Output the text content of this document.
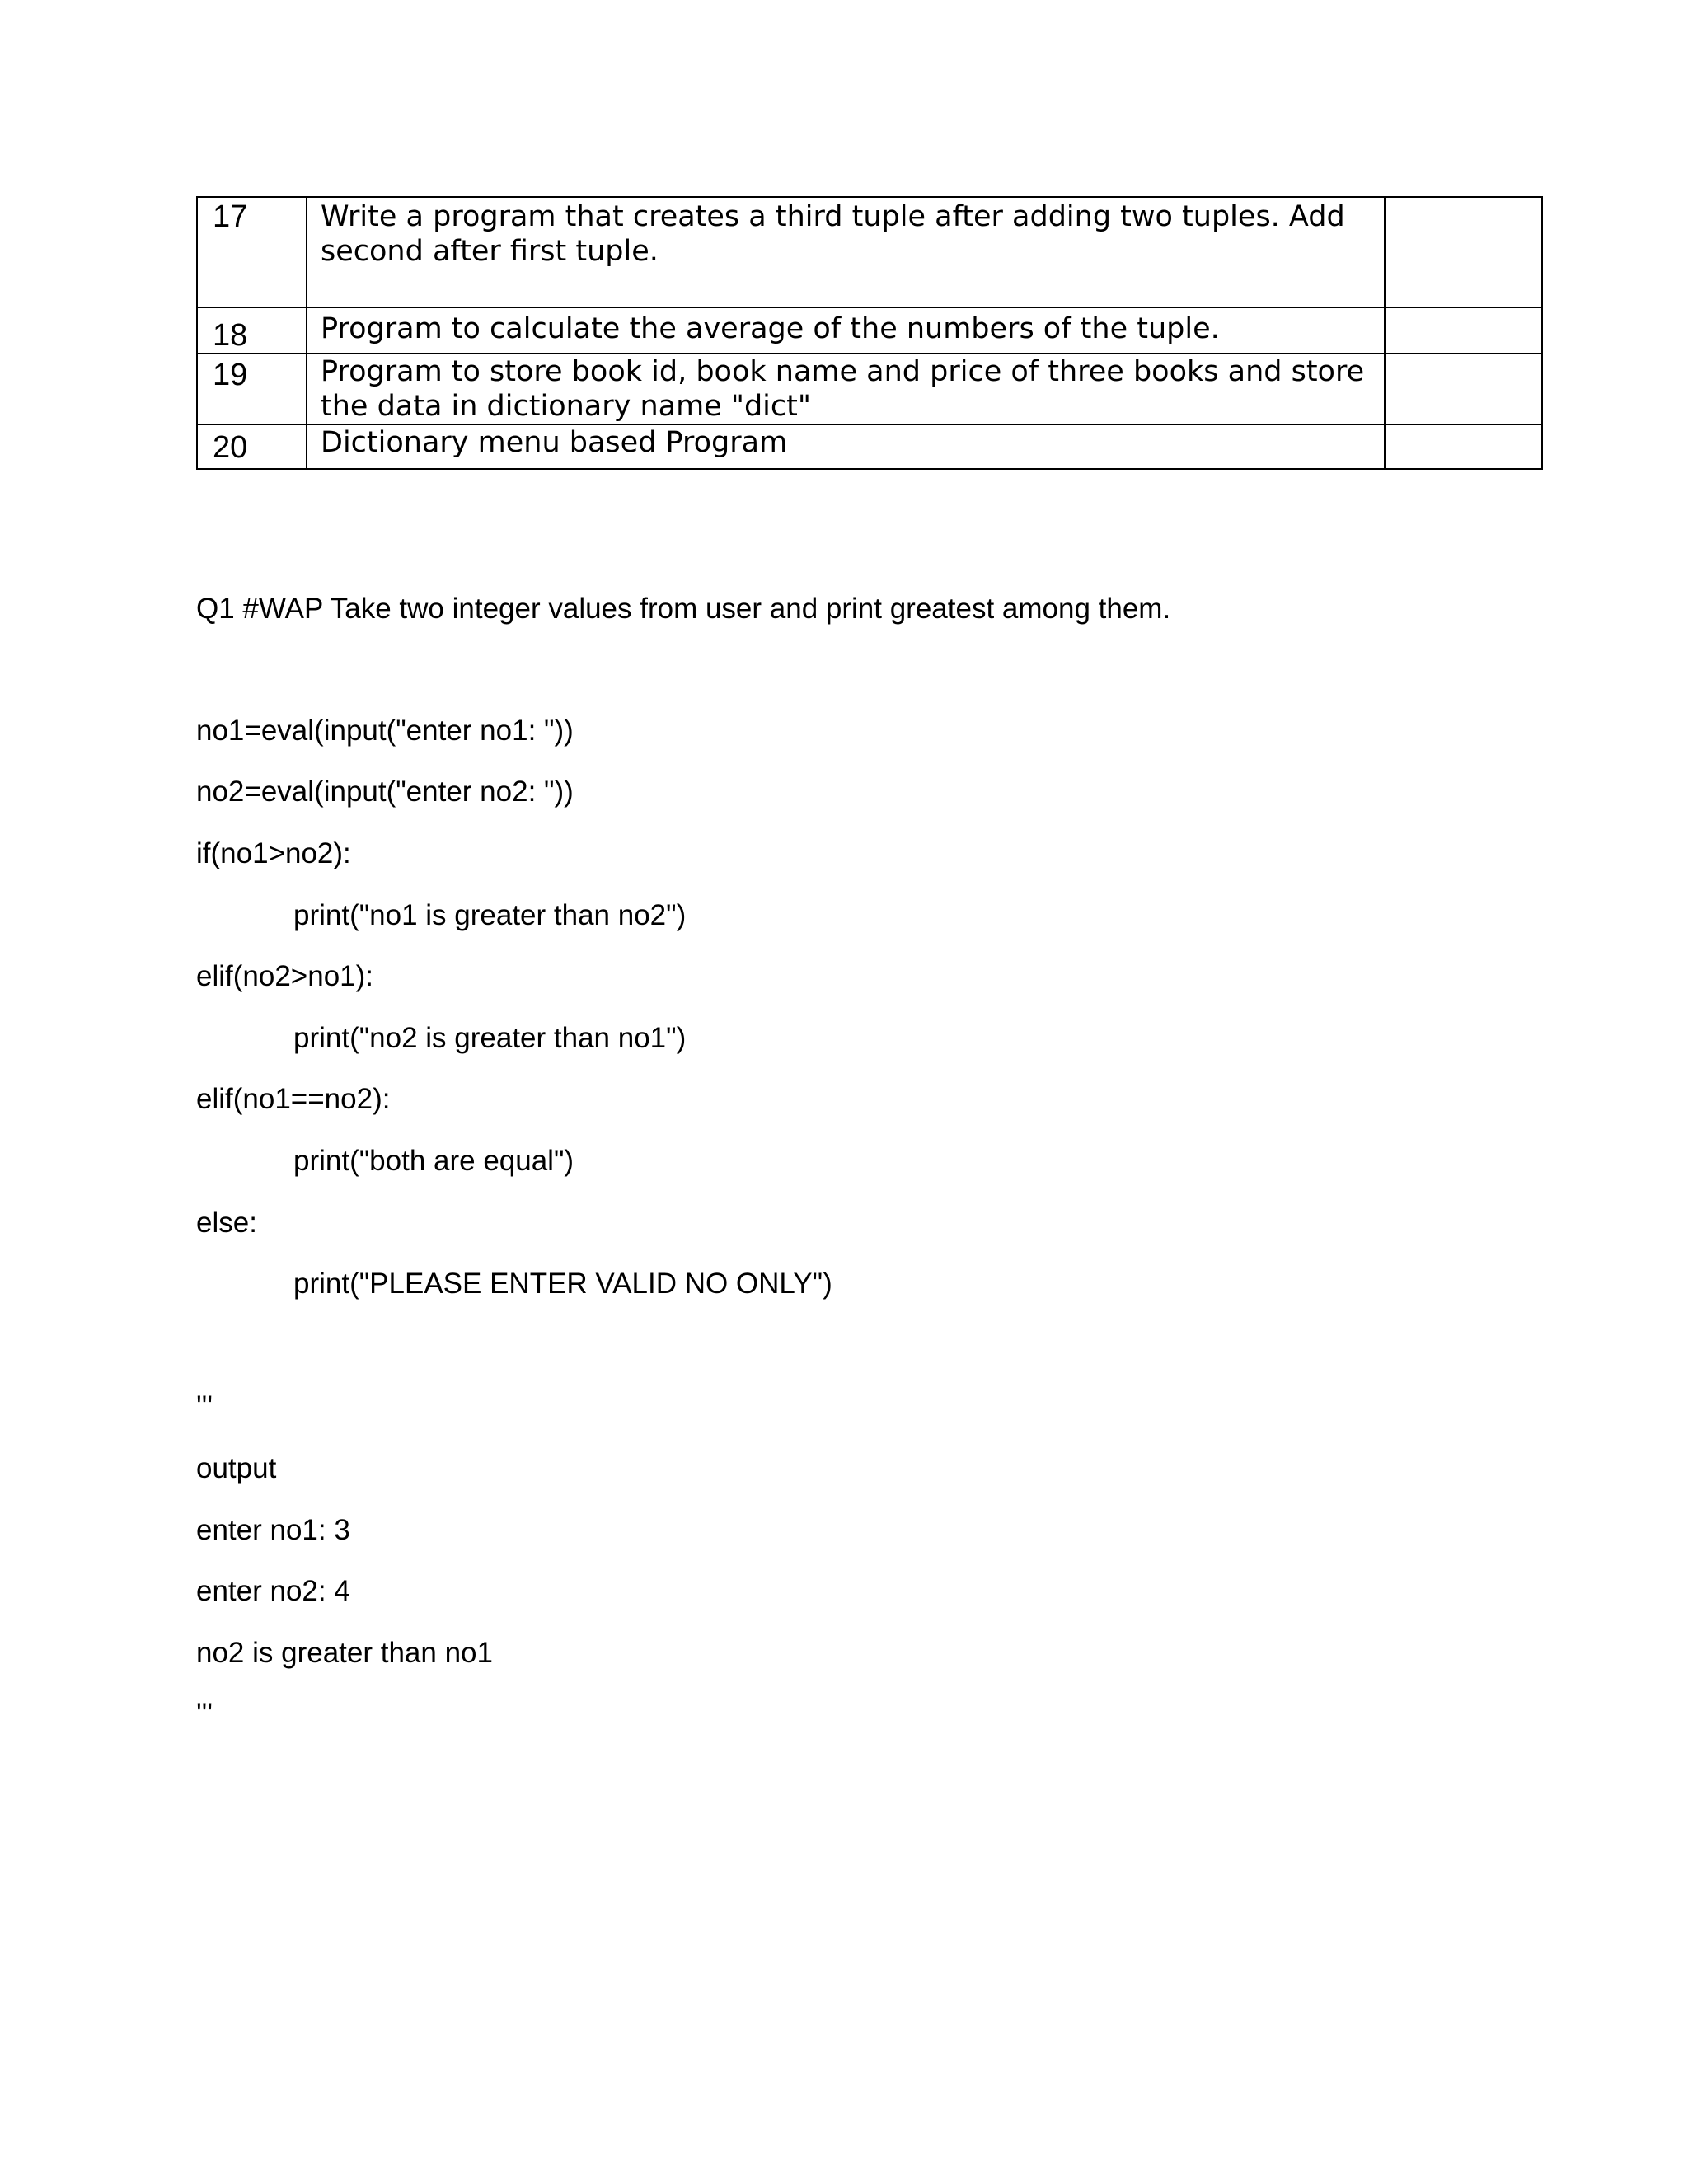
17	Write a program that creates a third tuple after adding two tuples. Add second after first tuple.	
18	Program to calculate the average of the numbers of the tuple.	
19	Program to store book id, book name and price of three books and store the data in dictionary name "dict"	
20	Dictionary menu based Program	

Q1 #WAP Take two integer values from user and print greatest among them.

no1=eval(input("enter no1: "))

no2=eval(input("enter no2: "))

if(no1>no2):

print("no1 is greater than no2")

elif(no2>no1):

print("no2 is greater than no1")

elif(no1==no2):

print("both are equal")

else:

print("PLEASE ENTER VALID NO ONLY")

'''

output

enter no1: 3

enter no2: 4

no2 is greater than no1

'''
